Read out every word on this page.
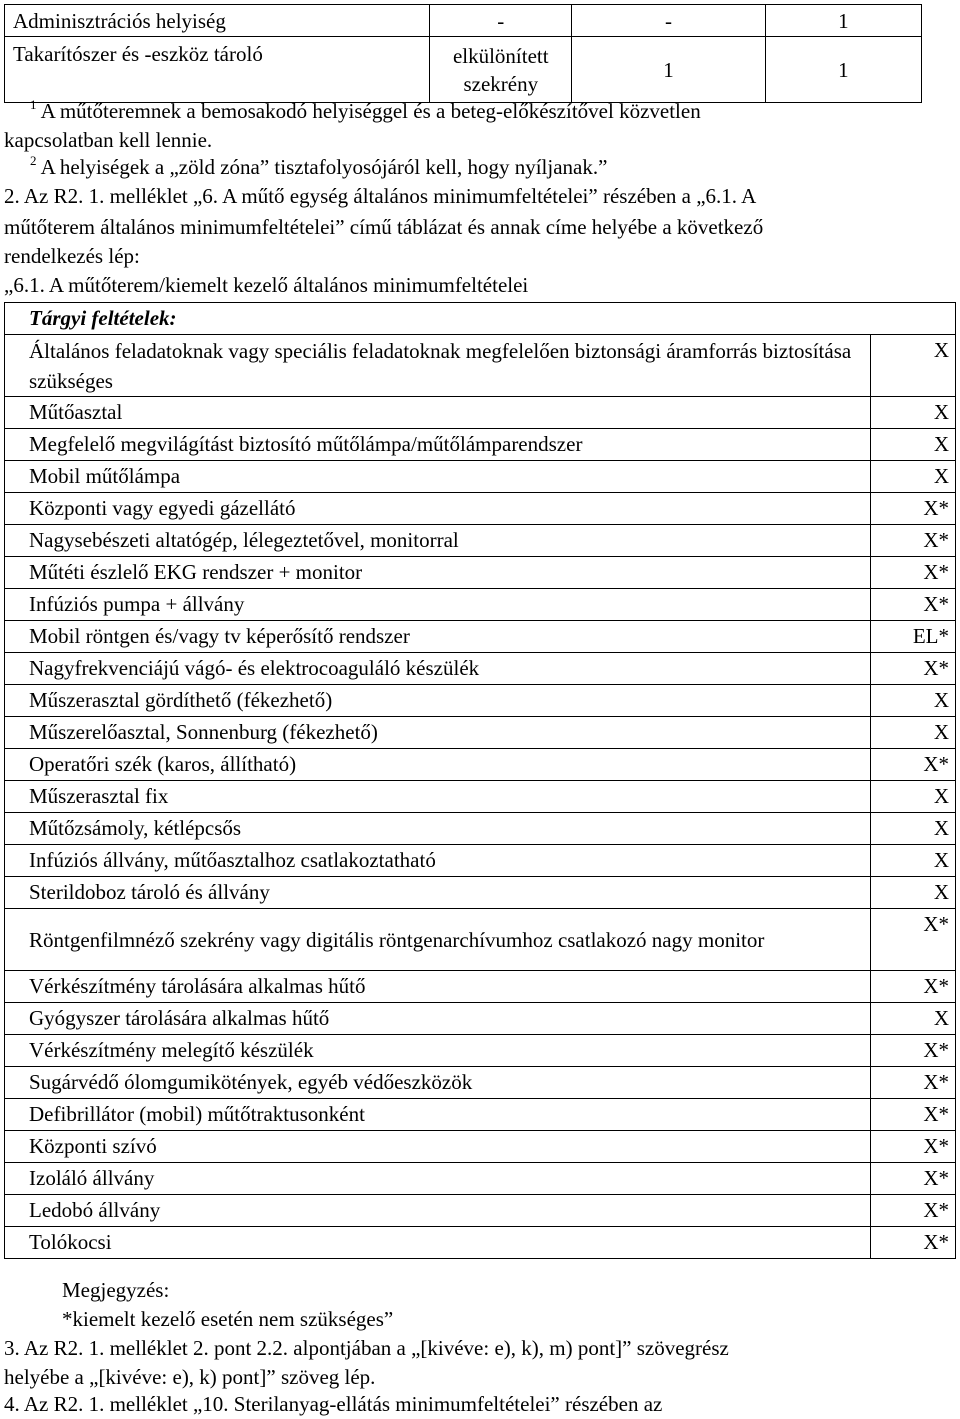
Adminisztrációs helyiség	-	-	1
Takarítószer és -eszköz tároló	elkülönített szekrény	1	1
$^1$ A műtőteremnek a bemosakodó helyiséggel és a beteg-előkészítővel közvetlen
kapcsolatban kell lennie.
$^2$ A helyiségek a „zöld zóna” tisztafolyosójáról kell, hogy nyíljanak.”
2. Az R2. 1. melléklet „6. A műtő egység általános minimumfeltételei” részében a „6.1. A
műtőterem általános minimumfeltételei” című táblázat és annak címe helyébe a következő
rendelkezés lép:
„6.1. A műtőterem/kiemelt kezelő általános minimumfeltételei
Tárgyi feltételek:	
Általános feladatoknak vagy speciális feladatoknak megfelelően biztonsági áramforrás biztosítása szükséges	X
Műtőasztal	X
Megfelelő megvilágítást biztosító műtőlámpa/műtőlámparendszer	X
Mobil műtőlámpa	X
Központi vagy egyedi gázellátó	X*
Nagysebészeti altatógép, lélegeztetővel, monitorral	X*
Műtéti észlelő EKG rendszer + monitor	X*
Infúziós pumpa + állvány	X*
Mobil röntgen és/vagy tv képerősítő rendszer	EL*
Nagyfrekvenciájú vágó- és elektrocoaguláló készülék	X*
Műszerasztal gördíthető (fékezhető)	X
Műszerelőasztal, Sonnenburg (fékezhető)	X
Operatőri szék (karos, állítható)	X*
Műszerasztal fix	X
Műtőzsámoly, kétlépcsős	X
Infúziós állvány, műtőasztalhoz csatlakoztatható	X
Sterildoboz tároló és állvány	X
Röntgenfilmnéző szekrény vagy digitális röntgenarchívumhoz csatlakozó nagy monitor	X*
Vérkészítmény tárolására alkalmas hűtő	X*
Gyógyszer tárolására alkalmas hűtő	X
Vérkészítmény melegítő készülék	X*
Sugárvédő ólomgumikötények, egyéb védőeszközök	X*
Defibrillátor (mobil) műtőtraktusonként	X*
Központi szívó	X*
Izoláló állvány	X*
Ledobó állvány	X*
Tolókocsi	X*
Megjegyzés:
*kiemelt kezelő esetén nem szükséges”
3. Az R2. 1. melléklet 2. pont 2.2. alpontjában a „[kivéve: e), k), m) pont]” szövegrész
helyébe a „[kivéve: e), k) pont]” szöveg lép.
4. Az R2. 1. melléklet „10. Sterilanyag-ellátás minimumfeltételei” részében az
